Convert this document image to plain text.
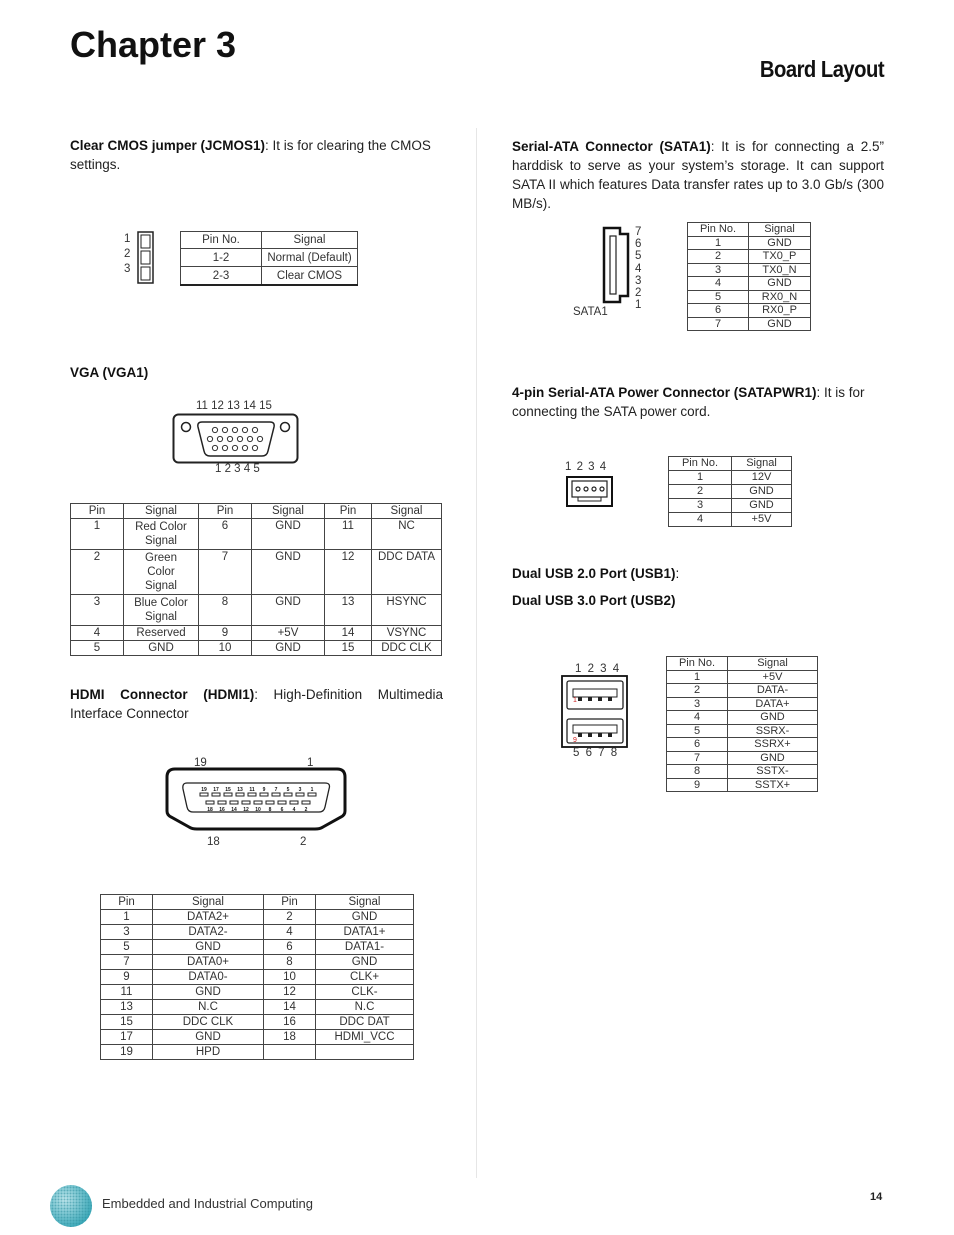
Chapter 3
Board Layout
Clear CMOS jumper (JCMOS1): It is for clearing the CMOS settings.
1
2
3
Pin No.	Signal
1-2	Normal (Default)
2-3	Clear CMOS
VGA (VGA1)
11 12 13 14 15
1 2 3 4 5
Pin	Signal	Pin	Signal	Pin	Signal
1	Red Color Signal	6	GND	11	NC
2	Green Color Signal	7	GND	12	DDC DATA
3	Blue Color Signal	8	GND	13	HSYNC
4	Reserved	9	+5V	14	VSYNC
5	GND	10	GND	15	DDC CLK
HDMI Connector (HDMI1): High-Definition Multimedia Interface Connector
19	1
19 17 15 13 11 9 7 5 3 1
18 16 14 12 10 8 6 4 2
18	2
Pin	Signal	Pin	Signal
1	DATA2+	2	GND
3	DATA2-	4	DATA1+
5	GND	6	DATA1-
7	DATA0+	8	GND
9	DATA0-	10	CLK+
11	GND	12	CLK-
13	N.C	14	N.C
15	DDC CLK	16	DDC DAT
17	GND	18	HDMI_VCC
19	HPD		
Serial-ATA Connector (SATA1): It is for connecting a 2.5” harddisk to serve as your system’s storage. It can support SATA II which features Data transfer rates up to 3.0 Gb/s (300 MB/s).
7
6
5
4
3
2
1
SATA1
Pin No.	Signal
1	GND
2	TX0_P
3	TX0_N
4	GND
5	RX0_N
6	RX0_P
7	GND
4-pin Serial-ATA Power Connector (SATAPWR1): It is for connecting the SATA power cord.
1 2 3 4	Pin No.	Signal
1	12V
2	GND
3	GND
4	+5V
Dual USB 2.0 Port (USB1):
Dual USB 3.0 Port (USB2)
1 2 3 4
1
9
5 6 7 8
Pin No.	Signal
1	+5V
2	DATA-
3	DATA+
4	GND
5	SSRX-
6	SSRX+
7	GND
8	SSTX-
9	SSTX+
Embedded and Industrial Computing	14
